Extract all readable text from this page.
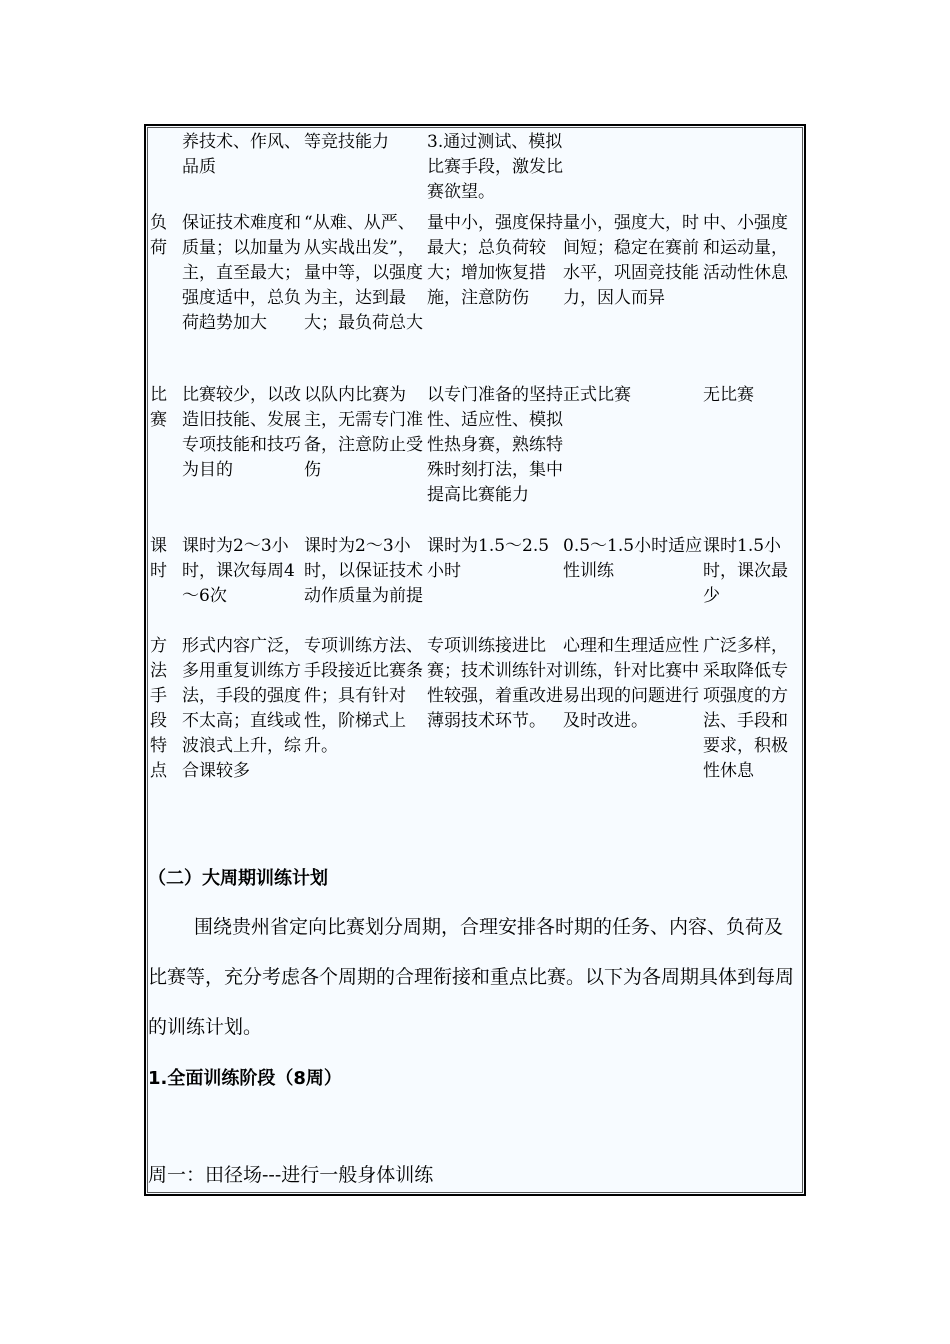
	养技术、作风、品质	等竞技能力	3.通过测试、模拟比赛手段，激发比赛欲望。		
负荷	保证技术难度和质量；以加量为主，直至最大；强度适中，总负荷趋势加大	“从难、从严、从实战出发”，量中等，以强度为主，达到最大；最负荷总大	量中小，强度保持最大；总负荷较大；增加恢复措施，注意防伤	量小，强度大，时间短；稳定在赛前水平，巩固竞技能力，因人而异	中、小强度和运动量，活动性休息
比赛	比赛较少，以改造旧技能、发展专项技能和技巧为目的	以队内比赛为主，无需专门准备，注意防止受伤	以专门准备的坚持性、适应性、模拟性热身赛，熟练特殊时刻打法，集中提高比赛能力	正式比赛	无比赛
课时	课时为2～3小时，课次每周4～6次	课时为2～3小时，以保证技术动作质量为前提	课时为1.5～2.5小时	0.5～1.5小时适应性训练	课时1.5小时，课次最少
方法手段特点	形式内容广泛，多用重复训练方法，手段的强度不太高；直线或波浪式上升，综合课较多	专项训练方法、手段接近比赛条件；具有针对性，阶梯式上升。	专项训练接进比赛；技术训练针对性较强，着重改进薄弱技术环节。	心理和生理适应性训练，针对比赛中易出现的问题进行及时改进。	广泛多样，采取降低专项强度的方法、手段和要求，积极性休息
（二）大周期训练计划
围绕贵州省定向比赛划分周期，合理安排各时期的任务、内容、负荷及比赛等，充分考虑各个周期的合理衔接和重点比赛。以下为各周期具体到每周的训练计划。
1.全面训练阶段（8周）
周一：田径场---进行一般身体训练
